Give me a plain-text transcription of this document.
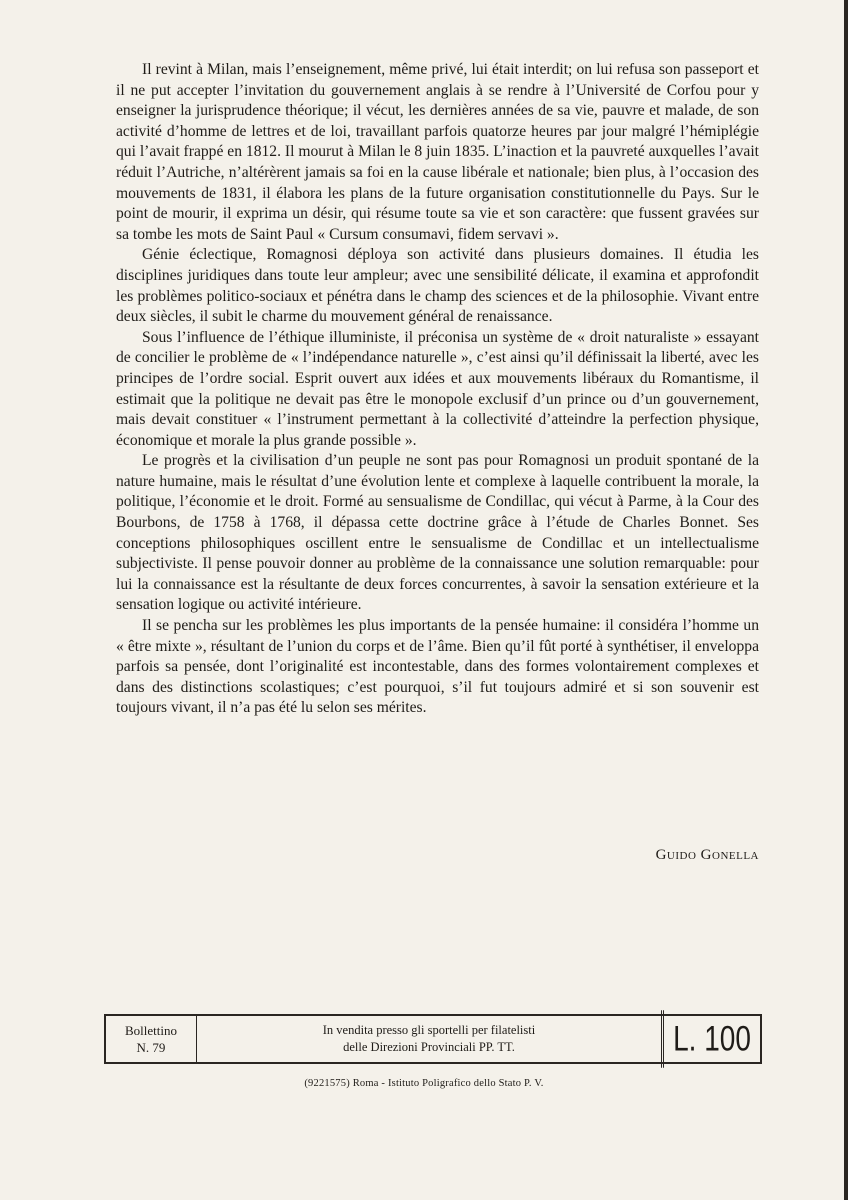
Il revint à Milan, mais l’enseignement, même privé, lui était interdit; on lui refusa son passeport et il ne put accepter l’invitation du gouvernement anglais à se rendre à l’Université de Corfou pour y enseigner la jurisprudence théorique; il vécut, les dernières années de sa vie, pauvre et malade, de son activité d’homme de lettres et de loi, travaillant parfois quatorze heures par jour malgré l’hémiplégie qui l’avait frappé en 1812. Il mourut à Milan le 8 juin 1835. L’inaction et la pauvreté auxquelles l’avait réduit l’Autriche, n’altérèrent jamais sa foi en la cause libérale et nationale; bien plus, à l’occasion des mouvements de 1831, il élabora les plans de la future organisation constitutionnelle du Pays. Sur le point de mourir, il exprima un désir, qui résume toute sa vie et son caractère: que fussent gravées sur sa tombe les mots de Saint Paul « Cursum consumavi, fidem servavi ».

Génie éclectique, Romagnosi déploya son activité dans plusieurs domaines. Il étudia les disciplines juridiques dans toute leur ampleur; avec une sensibilité délicate, il examina et approfondit les problèmes politico-sociaux et pénétra dans le champ des sciences et de la philosophie. Vivant entre deux siècles, il subit le charme du mouvement général de renaissance.

Sous l’influence de l’éthique illuministe, il préconisa un système de « droit naturaliste » essayant de concilier le problème de « l’indépendance naturelle », c’est ainsi qu’il définissait la liberté, avec les principes de l’ordre social. Esprit ouvert aux idées et aux mouvements libéraux du Romantisme, il estimait que la politique ne devait pas être le monopole exclusif d’un prince ou d’un gouvernement, mais devait constituer « l’instrument permettant à la collectivité d’atteindre la perfection physique, économique et morale la plus grande possible ».

Le progrès et la civilisation d’un peuple ne sont pas pour Romagnosi un produit spontané de la nature humaine, mais le résultat d’une évolution lente et complexe à laquelle contribuent la morale, la politique, l’économie et le droit. Formé au sensualisme de Condillac, qui vécut à Parme, à la Cour des Bourbons, de 1758 à 1768, il dépassa cette doctrine grâce à l’étude de Charles Bonnet. Ses conceptions philosophiques oscillent entre le sensualisme de Condillac et un intellectualisme subjectiviste. Il pense pouvoir donner au problème de la connaissance une solution remarquable: pour lui la connaissance est la résultante de deux forces concurrentes, à savoir la sensation extérieure et la sensation logique ou activité intérieure.

Il se pencha sur les problèmes les plus importants de la pensée humaine: il considéra l’homme un « être mixte », résultant de l’union du corps et de l’âme. Bien qu’il fût porté à synthétiser, il enveloppa parfois sa pensée, dont l’originalité est incontestable, dans des formes volontairement complexes et dans des distinctions scolastiques; c’est pourquoi, s’il fut toujours admiré et si son souvenir est toujours vivant, il n’a pas été lu selon ses mérites.

Guido Gonella
Bollettino
N. 79
In vendita presso gli sportelli per filatelisti
delle Direzioni Provinciali PP. TT.	L. 100
(9221575) Roma - Istituto Poligrafico dello Stato P. V.
